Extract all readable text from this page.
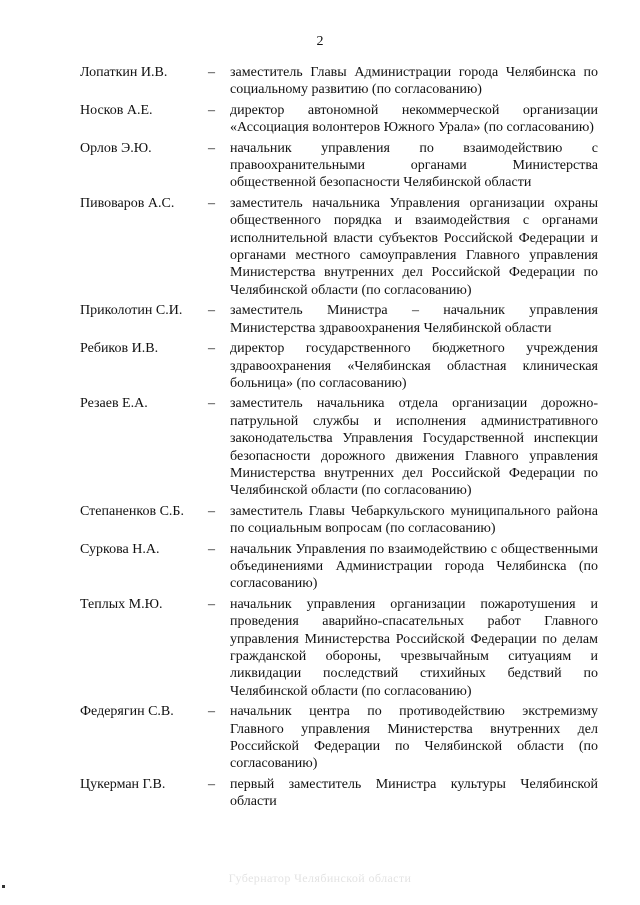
2
Лопаткин И.В.	–	заместитель Главы Администрации города Челябинска по социальному развитию (по согласованию)
Носков А.Е.	–	директор автономной некоммерческой организации «Ассоциация волонтеров Южного Урала» (по согласованию)
Орлов Э.Ю.	–	начальник управления по взаимодействию с правоохранительными органами Министерства общественной безопасности Челябинской области
Пивоваров А.С.	–	заместитель начальника Управления организации охраны общественного порядка и взаимодействия с органами исполнительной власти субъектов Российской Федерации и органами местного самоуправления Главного управления Министерства внутренних дел Российской Федерации по Челябинской области (по согласованию)
Приколотин С.И.	–	заместитель Министра – начальник управления Министерства здравоохранения Челябинской области
Ребиков И.В.	–	директор государственного бюджетного учреждения здравоохранения «Челябинская областная клиническая больница» (по согласованию)
Резаев Е.А.	–	заместитель начальника отдела организации дорожно-патрульной службы и исполнения административного законодательства Управления Государственной инспекции безопасности дорожного движения Главного управления Министерства внутренних дел Российской Федерации по Челябинской области (по согласованию)
Степаненков С.Б.	–	заместитель Главы Чебаркульского муниципального района по социальным вопросам (по согласованию)
Суркова Н.А.	–	начальник Управления по взаимодействию с общественными объединениями Администрации города Челябинска (по согласованию)
Теплых М.Ю.	–	начальник управления организации пожаротушения и проведения аварийно-спасательных работ Главного управления Министерства Российской Федерации по делам гражданской обороны, чрезвычайным ситуациям и ликвидации последствий стихийных бедствий по Челябинской области (по согласованию)
Федерягин С.В.	–	начальник центра по противодействию экстремизму Главного управления Министерства внутренних дел Российской Федерации по Челябинской области (по согласованию)
Цукерман Г.В.	–	первый заместитель Министра культуры Челябинской области
Губернатор Челябинской области
